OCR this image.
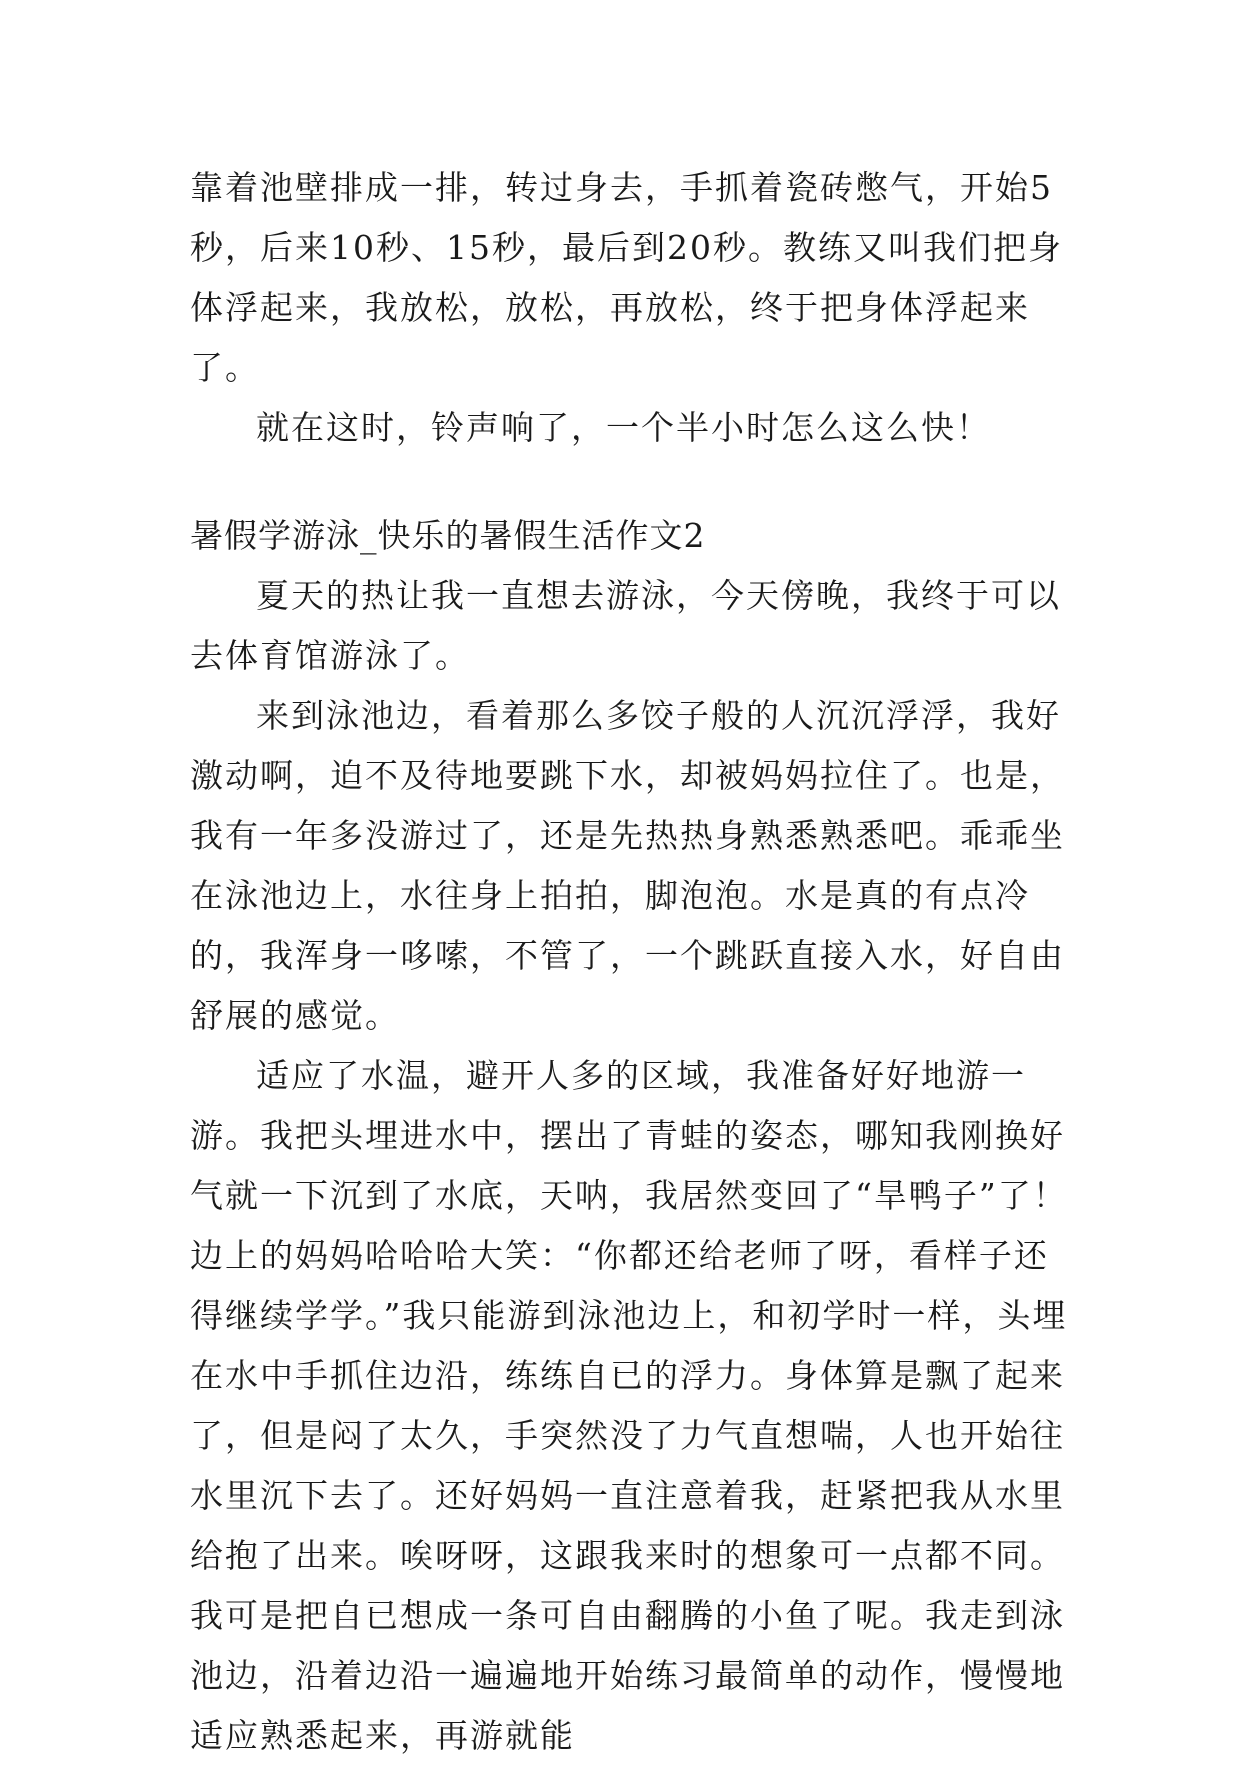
靠着池壁排成一排，转过身去，手抓着瓷砖憋气，开始5秒，后来10秒、15秒，最后到20秒。教练又叫我们把身体浮起来，我放松，放松，再放松，终于把身体浮起来了。

就在这时，铃声响了，一个半小时怎么这么快！

暑假学游泳_快乐的暑假生活作文2

夏天的热让我一直想去游泳，今天傍晚，我终于可以去体育馆游泳了。

来到泳池边，看着那么多饺子般的人沉沉浮浮，我好激动啊，迫不及待地要跳下水，却被妈妈拉住了。也是，我有一年多没游过了，还是先热热身熟悉熟悉吧。乖乖坐在泳池边上，水往身上拍拍，脚泡泡。水是真的有点冷的，我浑身一哆嗦，不管了，一个跳跃直接入水，好自由舒展的感觉。

适应了水温，避开人多的区域，我准备好好地游一游。我把头埋进水中，摆出了青蛙的姿态，哪知我刚换好气就一下沉到了水底，天呐，我居然变回了“旱鸭子”了！边上的妈妈哈哈哈大笑：“你都还给老师了呀，看样子还得继续学学。”我只能游到泳池边上，和初学时一样，头埋在水中手抓住边沿，练练自已的浮力。身体算是飘了起来了，但是闷了太久，手突然没了力气直想喘，人也开始往水里沉下去了。还好妈妈一直注意着我，赶紧把我从水里给抱了出来。唉呀呀，这跟我来时的想象可一点都不同。我可是把自已想成一条可自由翻腾的小鱼了呢。我走到泳池边，沿着边沿一遍遍地开始练习最简单的动作，慢慢地适应熟悉起来，再游就能
